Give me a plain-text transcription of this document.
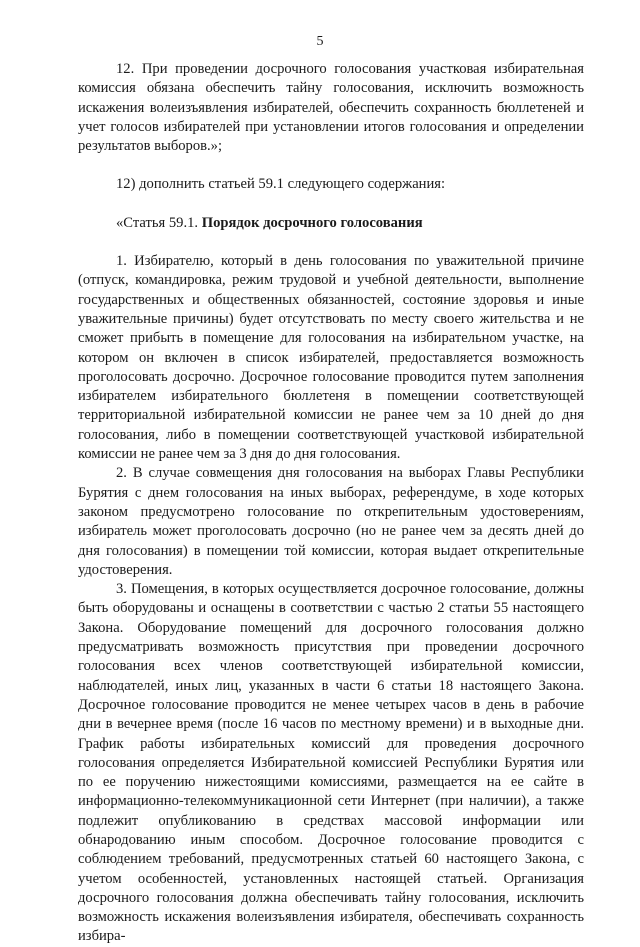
5

12. При проведении досрочного голосования участковая избирательная комиссия обязана обеспечить тайну голосования, исключить возможность искажения волеизъявления избирателей, обеспечить сохранность бюллетеней и учет голосов избирателей при установлении итогов голосования и определении результатов выборов.»;

12) дополнить статьей 59.1 следующего содержания:

«Статья 59.1. Порядок досрочного голосования

1. Избирателю, который в день голосования по уважительной причине (отпуск, командировка, режим трудовой и учебной деятельности, выполнение государственных и общественных обязанностей, состояние здоровья и иные уважительные причины) будет отсутствовать по месту своего жительства и не сможет прибыть в помещение для голосования на избирательном участке, на котором он включен в список избирателей, предоставляется возможность проголосовать досрочно. Досрочное голосование проводится путем заполнения избирателем избирательного бюллетеня в помещении соответствующей территориальной избирательной комиссии не ранее чем за 10 дней до дня голосования, либо в помещении соответствующей участковой избирательной комиссии не ранее чем за 3 дня до дня голосования.

2. В случае совмещения дня голосования на выборах Главы Республики Бурятия с днем голосования на иных выборах, референдуме, в ходе которых законом предусмотрено голосование по открепительным удостоверениям, избиратель может проголосовать досрочно (но не ранее чем за десять дней до дня голосования) в помещении той комиссии, которая выдает открепительные удостоверения.

3. Помещения, в которых осуществляется досрочное голосование, должны быть оборудованы и оснащены в соответствии с частью 2 статьи 55 настоящего Закона. Оборудование помещений для досрочного голосования должно предусматривать возможность присутствия при проведении досрочного голосования всех членов соответствующей избирательной комиссии, наблюдателей, иных лиц, указанных в части 6 статьи 18 настоящего Закона. Досрочное голосование проводится не менее четырех часов в день в рабочие дни в вечернее время (после 16 часов по местному времени) и в выходные дни. График работы избирательных комиссий для проведения досрочного голосования определяется Избирательной комиссией Республики Бурятия или по ее поручению нижестоящими комиссиями, размещается на ее сайте в информационно-телекоммуникационной сети Интернет (при наличии), а также подлежит опубликованию в средствах массовой информации или обнародованию иным способом. Досрочное голосование проводится с соблюдением требований, предусмотренных статьей 60 настоящего Закона, с учетом особенностей, установленных настоящей статьей. Организация досрочного голосования должна обеспечивать тайну голосования, исключить возможность искажения волеизъявления избирателя, обеспечивать сохранность избира-
